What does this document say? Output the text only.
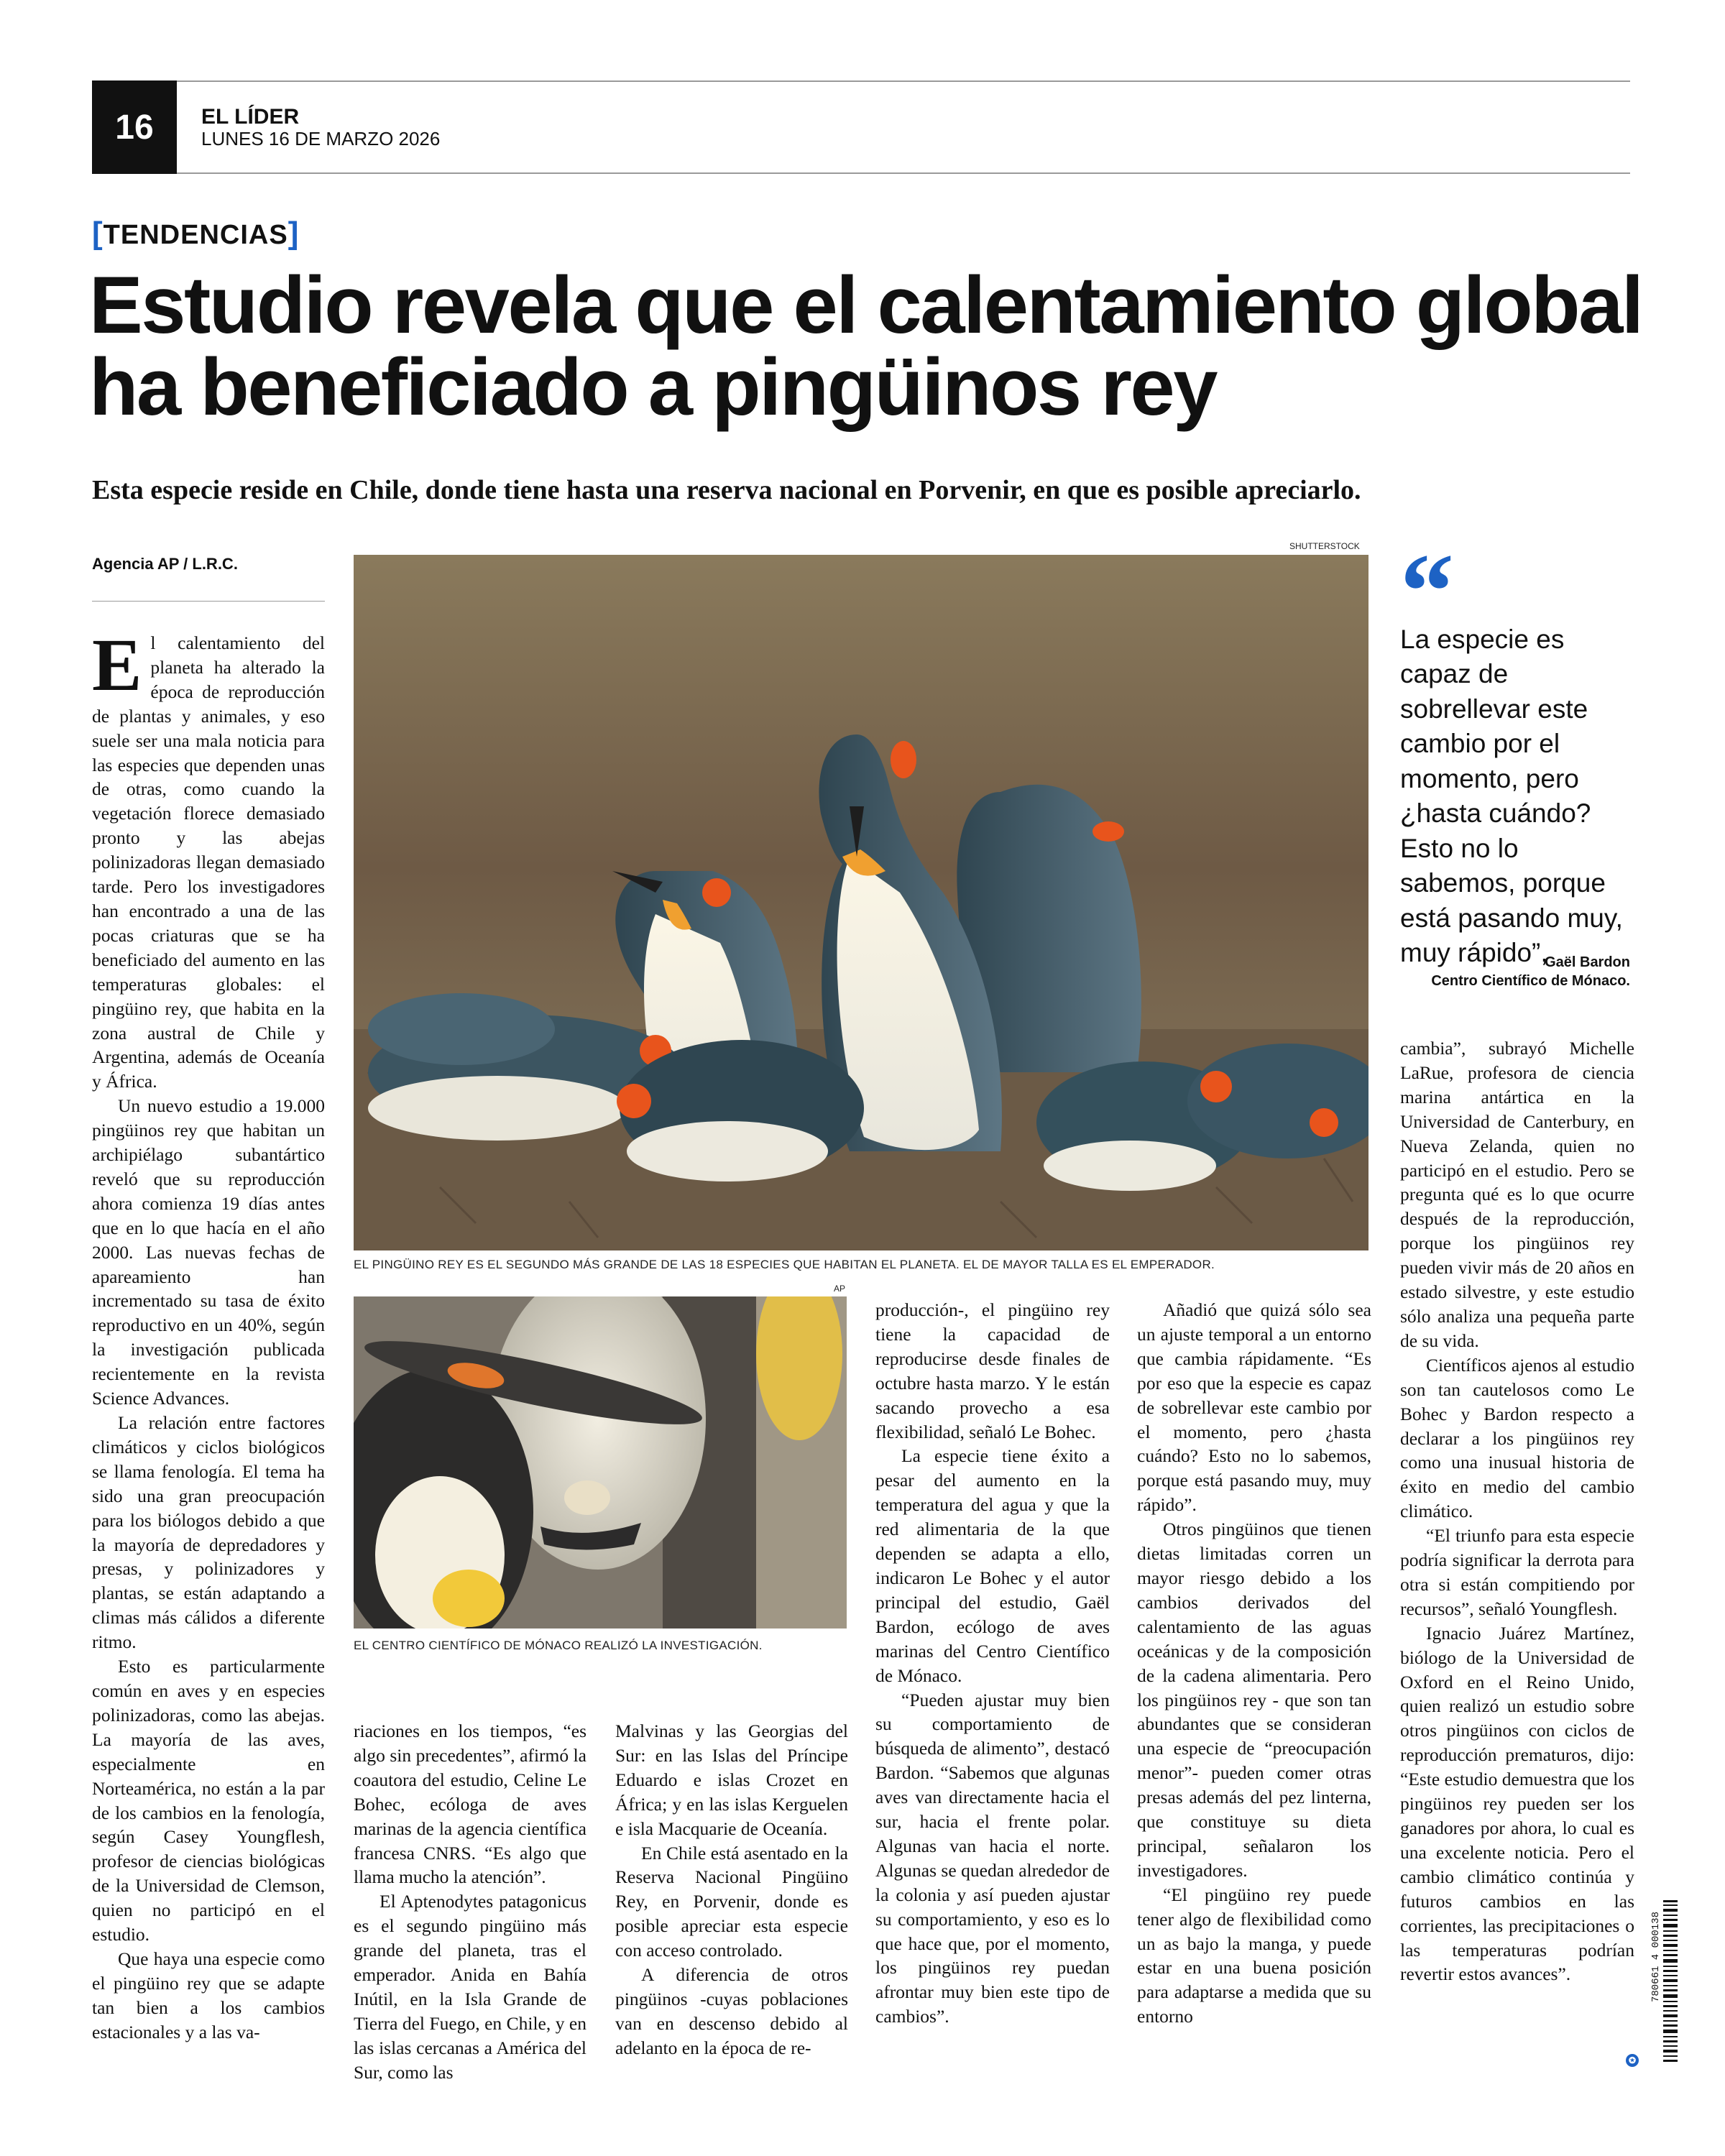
16	EL LÍDER
LUNES 16 DE MARZO 2026
[TENDENCIAS]
Estudio revela que el calentamiento global ha beneficiado a pingüinos rey
Esta especie reside en Chile, donde tiene hasta una reserva nacional en Porvenir, en que es posible apreciarlo.
Agencia AP / L.R.C.
SHUTTERSTOCK
EL PINGÜINO REY ES EL SEGUNDO MÁS GRANDE DE LAS 18 ESPECIES QUE HABITAN EL PLANETA. EL DE MAYOR TALLA ES EL EMPERADOR.
AP
EL CENTRO CIENTÍFICO DE MÓNACO REALIZÓ LA INVESTIGACIÓN.
“
La especie es capaz de sobrellevar este cambio por el momento, pero ¿hasta cuándo? Esto no lo sabemos, porque está pasando muy, muy rápido”,
Gaël Bardon
Centro Científico de Mónaco.

El calentamiento del planeta ha alterado la época de reproducción de plantas y animales, y eso suele ser una mala noticia para las especies que dependen unas de otras, como cuando la vegetación florece demasiado pronto y las abejas polinizadoras llegan demasiado tarde. Pero los investigadores han encontrado a una de las pocas criaturas que se ha beneficiado del aumento en las temperaturas globales: el pingüino rey, que habita en la zona austral de Chile y Argentina, además de Oceanía y África.

Un nuevo estudio a 19.000 pingüinos rey que habitan un archipiélago subantártico reveló que su reproducción ahora comienza 19 días antes que en lo que hacía en el año 2000. Las nuevas fechas de apareamiento han incrementado su tasa de éxito reproductivo en un 40%, según la investigación publicada recientemente en la revista Science Advances.

La relación entre factores climáticos y ciclos biológicos se llama fenología. El tema ha sido una gran preocupación para los biólogos debido a que la mayoría de depredadores y presas, y polinizadores y plantas, se están adaptando a climas más cálidos a diferente ritmo.

Esto es particularmente común en aves y en especies polinizadoras, como las abejas. La mayoría de las aves, especialmente en Norteamérica, no están a la par de los cambios en la fenología, según Casey Youngflesh, profesor de ciencias biológicas de la Universidad de Clemson, quien no participó en el estudio.

Que haya una especie como el pingüino rey que se adapte tan bien a los cambios estacionales y a las va-

riaciones en los tiempos, “es algo sin precedentes”, afirmó la coautora del estudio, Celine Le Bohec, ecóloga de aves marinas de la agencia científica francesa CNRS. “Es algo que llama mucho la atención”.

El Aptenodytes patagonicus es el segundo pingüino más grande del planeta, tras el emperador. Anida en Bahía Inútil, en la Isla Grande de Tierra del Fuego, en Chile, y en las islas cercanas a América del Sur, como las

Malvinas y las Georgias del Sur: en las Islas del Príncipe Eduardo e islas Crozet en África; y en las islas Kerguelen e isla Macquarie de Oceanía.

En Chile está asentado en la Reserva Nacional Pingüino Rey, en Porvenir, donde es posible apreciar esta especie con acceso controlado.

A diferencia de otros pingüinos -cuyas poblaciones van en descenso debido al adelanto en la época de re-

producción-, el pingüino rey tiene la capacidad de reproducirse desde finales de octubre hasta marzo. Y le están sacando provecho a esa flexibilidad, señaló Le Bohec.

La especie tiene éxito a pesar del aumento en la temperatura del agua y que la red alimentaria de la que dependen se adapta a ello, indicaron Le Bohec y el autor principal del estudio, Gaël Bardon, ecólogo de aves marinas del Centro Científico de Mónaco.

“Pueden ajustar muy bien su comportamiento de búsqueda de alimento”, destacó Bardon. “Sabemos que algunas aves van directamente hacia el sur, hacia el frente polar. Algunas van hacia el norte. Algunas se quedan alrededor de la colonia y así pueden ajustar su comportamiento, y eso es lo que hace que, por el momento, los pingüinos rey puedan afrontar muy bien este tipo de cambios”.

Añadió que quizá sólo sea un ajuste temporal a un entorno que cambia rápidamente. “Es por eso que la especie es capaz de sobrellevar este cambio por el momento, pero ¿hasta cuándo? Esto no lo sabemos, porque está pasando muy, muy rápido”.

Otros pingüinos que tienen dietas limitadas corren un mayor riesgo debido a los cambios derivados del calentamiento de las aguas oceánicas y de la composición de la cadena alimentaria. Pero los pingüinos rey - que son tan abundantes que se consideran una especie de “preocupación menor”- pueden comer otras presas además del pez linterna, que constituye su dieta principal, señalaron los investigadores.

“El pingüino rey puede tener algo de flexibilidad como un as bajo la manga, y puede estar en una buena posición para adaptarse a medida que su entorno

cambia”, subrayó Michelle LaRue, profesora de ciencia marina antártica en la Universidad de Canterbury, en Nueva Zelanda, quien no participó en el estudio. Pero se pregunta qué es lo que ocurre después de la reproducción, porque los pingüinos rey pueden vivir más de 20 años en estado silvestre, y este estudio sólo analiza una pequeña parte de su vida.

Científicos ajenos al estudio son tan cautelosos como Le Bohec y Bardon respecto a declarar a los pingüinos rey como una inusual historia de éxito en medio del cambio climático.

“El triunfo para esta especie podría significar la derrota para otra si están compitiendo por recursos”, señaló Youngflesh.

Ignacio Juárez Martínez, biólogo de la Universidad de Oxford en el Reino Unido, quien realizó un estudio sobre otros pingüinos con ciclos de reproducción prematuros, dijo: “Este estudio demuestra que los pingüinos rey pueden ser los ganadores por ahora, lo cual es una excelente noticia. Pero el cambio climático continúa y futuros cambios en las corrientes, las precipitaciones o las temperaturas podrían revertir estos avances”.	780661 4 000138
✪
